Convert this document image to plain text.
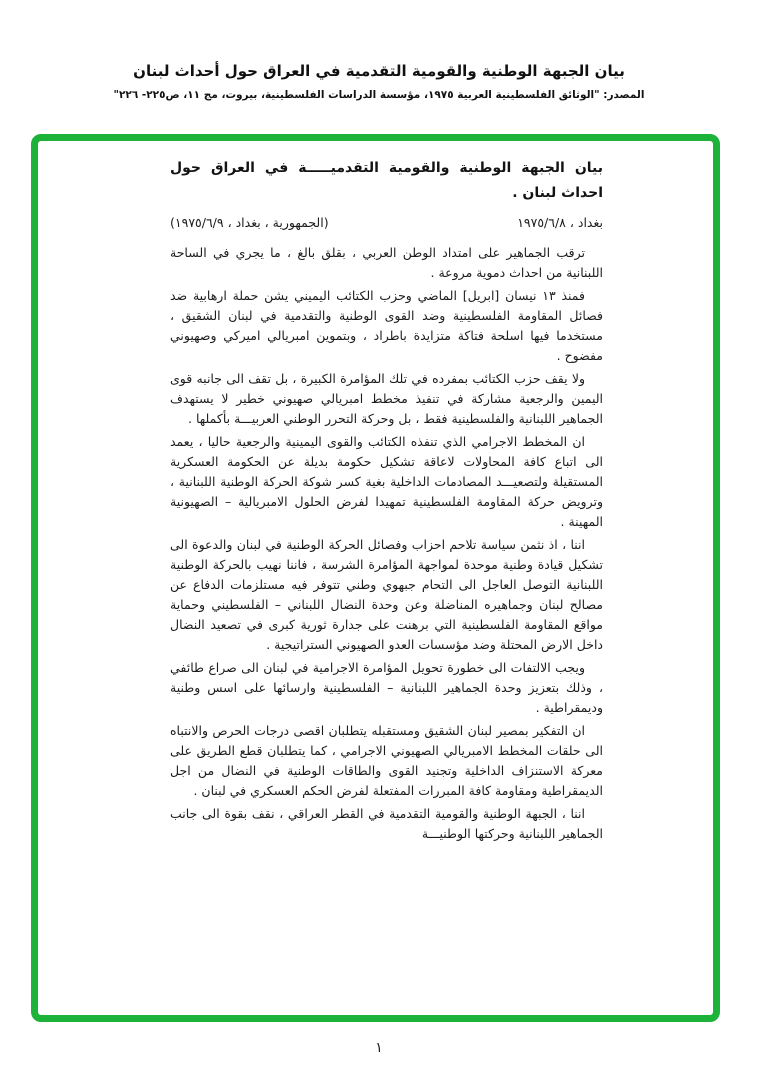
بيان الجبهة الوطنية والقومية التقدمية في العراق حول أحداث لبنان
المصدر: "الوثائق الفلسطينية العربية ١٩٧٥، مؤسسة الدراسات الفلسطينية، بيروت، مج ١١، ص٢٢٥- ٢٢٦"
بيان الجبهة الوطنية والقومية التقدميـــــة في العراق حول احداث لبنان .
بغداد ، ١٩٧٥/٦/٨
(الجمهورية ، بغداد ، ١٩٧٥/٦/٩)

ترقب الجماهير على امتداد الوطن العربي ، بقلق بالغ ، ما يجري في الساحة اللبنانية من احداث دموية مروعة .

فمنذ ١٣ نيسان [ابريل] الماضي وحزب الكتائب اليميني يشن حملة ارهابية ضد فصائل المقاومة الفلسطينية وضد القوى الوطنية والتقدمية في لبنان الشقيق ، مستخدما فيها اسلحة فتاكة متزايدة باطراد ، وبتموين امبريالي اميركي وصهيوني مفضوح .

ولا يقف حزب الكتائب بمفرده في تلك المؤامرة الكبيرة ، بل تقف الى جانبه قوى اليمين والرجعية مشاركة في تنفيذ مخطط امبريالي صهيوني خطير لا يستهدف الجماهير اللبنانية والفلسطينية فقط ، بل وحركة التحرر الوطني العربيـــة بأكملها .

ان المخطط الاجرامي الذي تنفذه الكتائب والقوى اليمينية والرجعية حاليا ، يعمد الى اتباع كافة المحاولات لاعاقة تشكيل حكومة بديلة عن الحكومة العسكرية المستقيلة ولتصعيـــد المصادمات الداخلية بغية كسر شوكة الحركة الوطنية اللبنانية ، وترويض حركة المقاومة الفلسطينية تمهيدا لفرض الحلول الامبريالية – الصهيونية المهينة .

اننا ، اذ نثمن سياسة تلاحم احزاب وفصائل الحركة الوطنية في لبنان والدعوة الى تشكيل قيادة وطنية موحدة لمواجهة المؤامرة الشرسة ، فاننا نهيب بالحركة الوطنية اللبنانية التوصل العاجل الى التحام جبهوي وطني تتوفر فيه مستلزمات الدفاع عن مصالح لبنان وجماهيره المناضلة وعن وحدة النضال اللبناني – الفلسطيني وحماية مواقع المقاومة الفلسطينية التي برهنت على جدارة ثورية كبرى في تصعيد النضال داخل الارض المحتلة وضد مؤسسات العدو الصهيوني الستراتيجية .

ويجب الالتفات الى خطورة تحويل المؤامرة الاجرامية في لبنان الى صراع طائفي ، وذلك بتعزيز وحدة الجماهير اللبنانية – الفلسطينية وارسائها على اسس وطنية وديمقراطية .

ان التفكير بمصير لبنان الشقيق ومستقبله يتطلبان اقصى درجات الحرص والانتباه الى حلقات المخطط الامبريالي الصهيوني الاجرامي ، كما يتطلبان قطع الطريق على معركة الاستنزاف الداخلية وتجنيد القوى والطاقات الوطنية في النضال من اجل الديمقراطية ومقاومة كافة المبررات المفتعلة لفرض الحكم العسكري في لبنان .

اننا ، الجبهة الوطنية والقومية التقدمية في القطر العراقي ، نقف بقوة الى جانب الجماهير اللبنانية وحركتها الوطنيـــة

١
